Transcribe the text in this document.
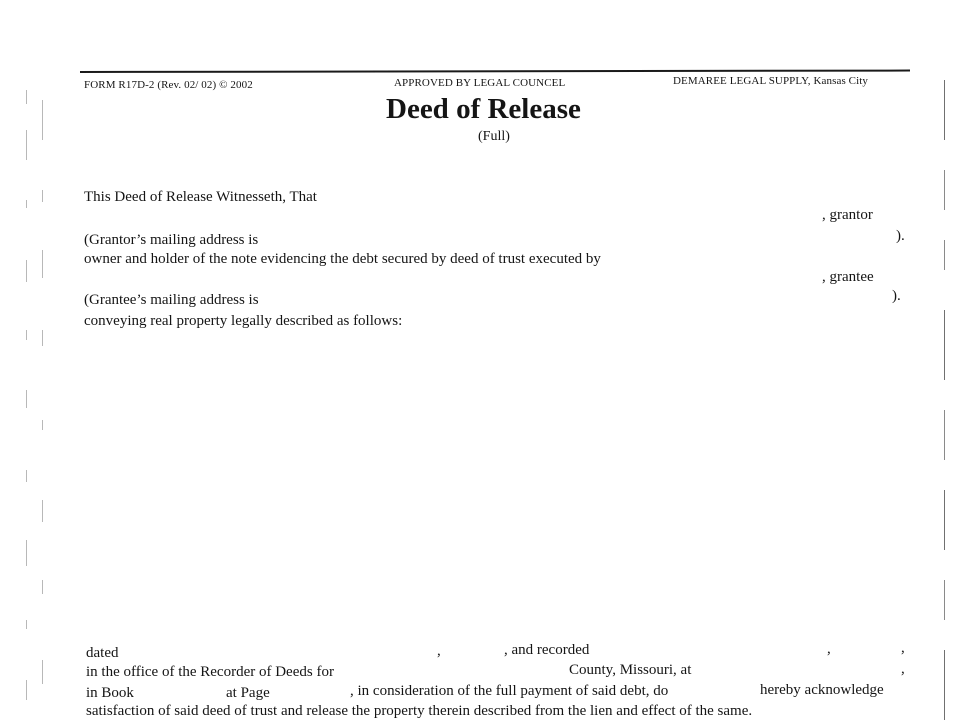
FORM R17D-2 (Rev. 02/ 02) © 2002	APPROVED BY LEGAL COUNCEL	DEMAREE LEGAL SUPPLY, Kansas City
Deed of Release
(Full)
This Deed of Release Witnesseth, That
, grantor
(Grantor’s mailing address is	).
owner and holder of the note evidencing the debt secured by deed of trust executed by
, grantee
(Grantee’s mailing address is	).
conveying real property legally described as follows:
dated	,	, and recorded	,	,
in the office of the Recorder of Deeds for	County, Missouri, at	,
in Book	at Page	, in consideration of the full payment of said debt, do	hereby acknowledge
satisfaction of said deed of trust and release the property therein described from the lien and effect of the same.
